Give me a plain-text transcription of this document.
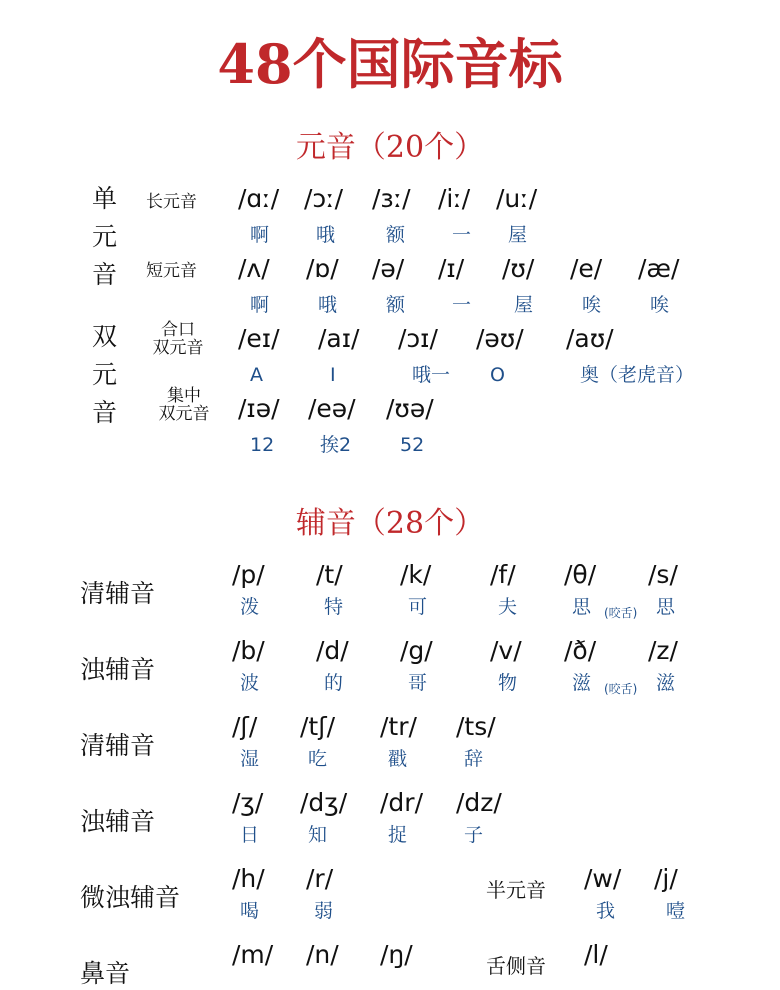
48个国际音标
元音（20个）
单
元
音
长元音 /ɑː/
啊
/ɔː/
哦
/ɜː/
额
/iː/
一
/uː/
屋
短元音 /ʌ/
啊
/ɒ/
哦
/ə/
额
/ɪ/
一
/ʊ/
屋
/e/
唉
/æ/
唉
双
元
音
合口
双元音 /eɪ/
A
/aɪ/
I
/ɔɪ/
哦一
/əʊ/
O
/aʊ/
奥（老虎音）
集中
双元音 /ɪə/
12
/eə/
挨2
/ʊə/
52
辅音（28个）
清辅音
/p/
泼
/t/
特
/k/
可
/f/
夫
/θ/
思 (咬舌)
/s/
思
浊辅音
/b/
波
/d/
的
/g/
哥
/v/
物
/ð/
滋 (咬舌)
/z/
滋
清辅音
/ʃ/
湿
/tʃ/
吃
/tr/
戳
/ts/
辞
浊辅音
/ʒ/
日
/dʒ/
知
/dr/
捉
/dz/
子
微浊辅音
/h/
喝
/r/
弱
半元音 /w/
我
/j/
噎
鼻音
/m/ /n/ /ŋ/	舌侧音 /l/
